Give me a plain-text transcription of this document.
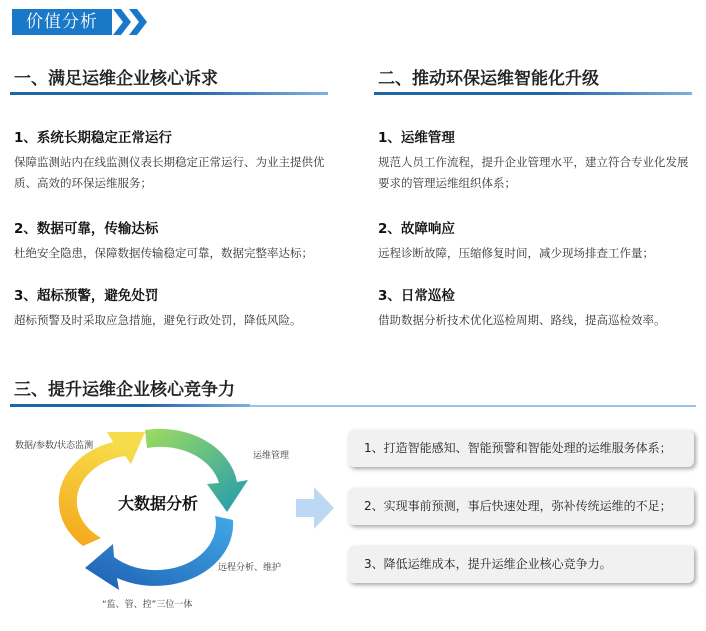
价值分析
一、满足运维企业核心诉求
1、系统长期稳定正常运行
保障监测站内在线监测仪表长期稳定正常运行、为业主提供优质、高效的环保运维服务；
2、数据可靠，传输达标
杜绝安全隐患，保障数据传输稳定可靠，数据完整率达标；
3、超标预警，避免处罚
超标预警及时采取应急措施，避免行政处罚，降低风险。
二、推动环保运维智能化升级
1、运维管理
规范人员工作流程，提升企业管理水平，建立符合专业化发展要求的管理运维组织体系；
2、故障响应
远程诊断故障，压缩修复时间，减少现场排查工作量；
3、日常巡检
借助数据分析技术优化巡检周期、路线，提高巡检效率。
三、提升运维企业核心竞争力
大数据分析
数据/参数/状态监测
运维管理
远程分析、维护
“监、管、控”三位一体
1、打造智能感知、智能预警和智能处理的运维服务体系；
2、实现事前预测，事后快速处理，弥补传统运维的不足；
3、降低运维成本，提升运维企业核心竞争力。
